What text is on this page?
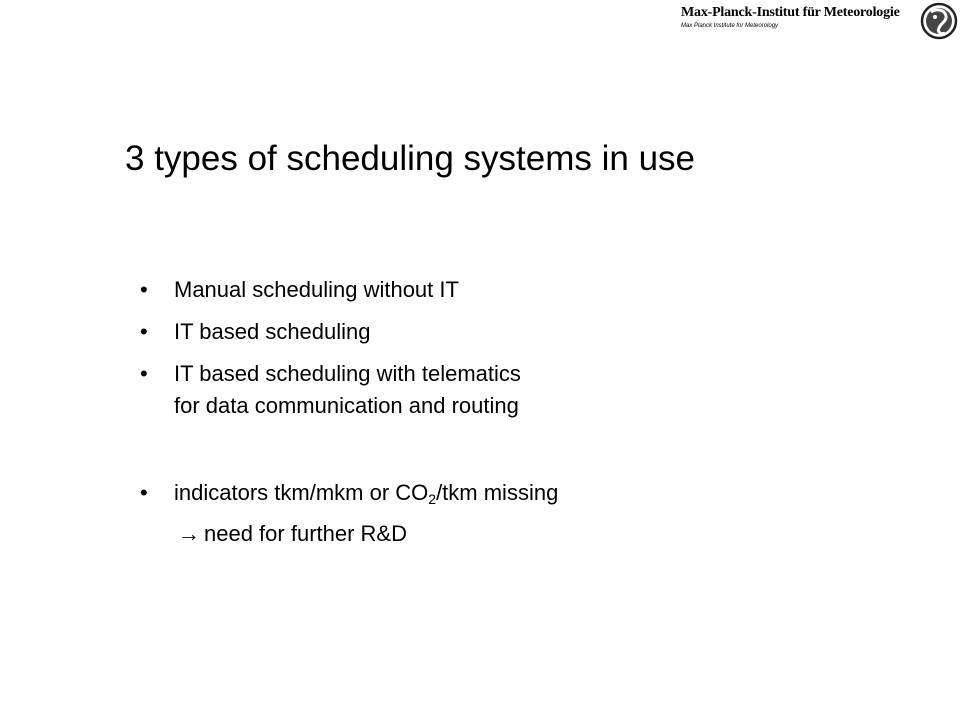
Max-Planck-Institut für Meteorologie
Max Planck Institute for Meteorology
3 types of scheduling systems in use
• Manual scheduling without IT
• IT based scheduling
• IT based scheduling with telematics
for data communication and routing
• indicators tkm/mkm or $CO_2$/tkm missing
→ need for further R&D
